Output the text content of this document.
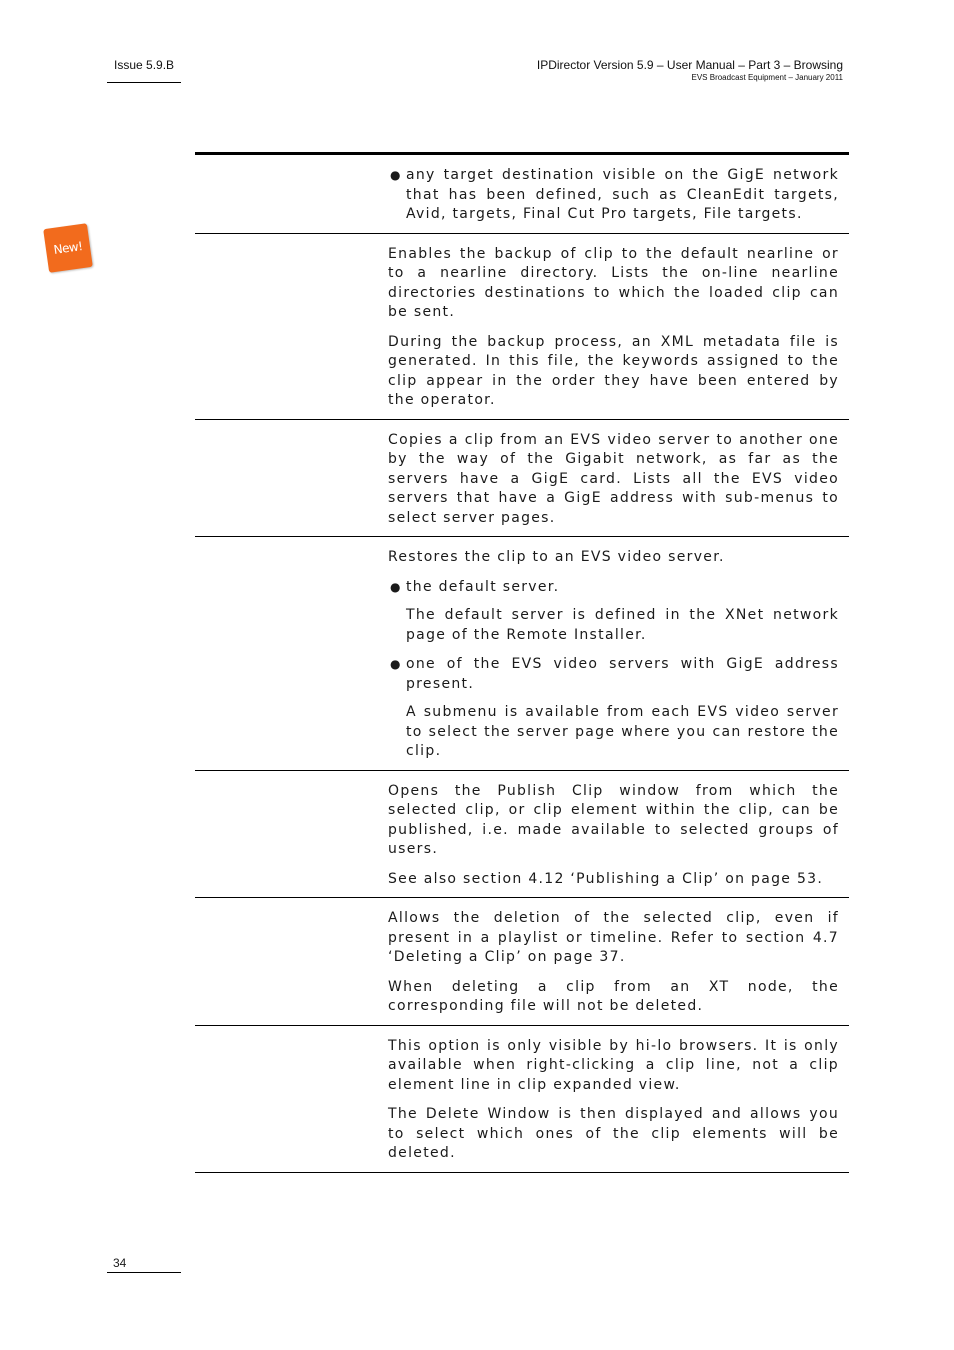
Issue 5.9.B	IPDirector Version 5.9 – User Manual – Part 3 – Browsing
EVS Broadcast Equipment – January 2011
New!
● any target destination visible on the GigE network that has been defined, such as CleanEdit targets, Avid, targets, Final Cut Pro targets, File targets.

Enables the backup of clip to the default nearline or to a nearline directory. Lists the on-line nearline directories destinations to which the loaded clip can be sent.

During the backup process, an XML metadata file is generated. In this file, the keywords assigned to the clip appear in the order they have been entered by the operator.

Copies a clip from an EVS video server to another one by the way of the Gigabit network, as far as the servers have a GigE card. Lists all the EVS video servers that have a GigE address with sub-menus to select server pages.

Restores the clip to an EVS video server.

● the default server.

The default server is defined in the XNet network page of the Remote Installer.

● one of the EVS video servers with GigE address present.

A submenu is available from each EVS video server to select the server page where you can restore the clip.

Opens the Publish Clip window from which the selected clip, or clip element within the clip, can be published, i.e. made available to selected groups of users.

See also section 4.12 ‘Publishing a Clip’ on page 53.

Allows the deletion of the selected clip, even if present in a playlist or timeline. Refer to section 4.7 ‘Deleting a Clip’ on page 37.

When deleting a clip from an XT node, the corresponding file will not be deleted.

This option is only visible by hi-lo browsers. It is only available when right-clicking a clip line, not a clip element line in clip expanded view.

The Delete Window is then displayed and allows you to select which ones of the clip elements will be deleted.

34
